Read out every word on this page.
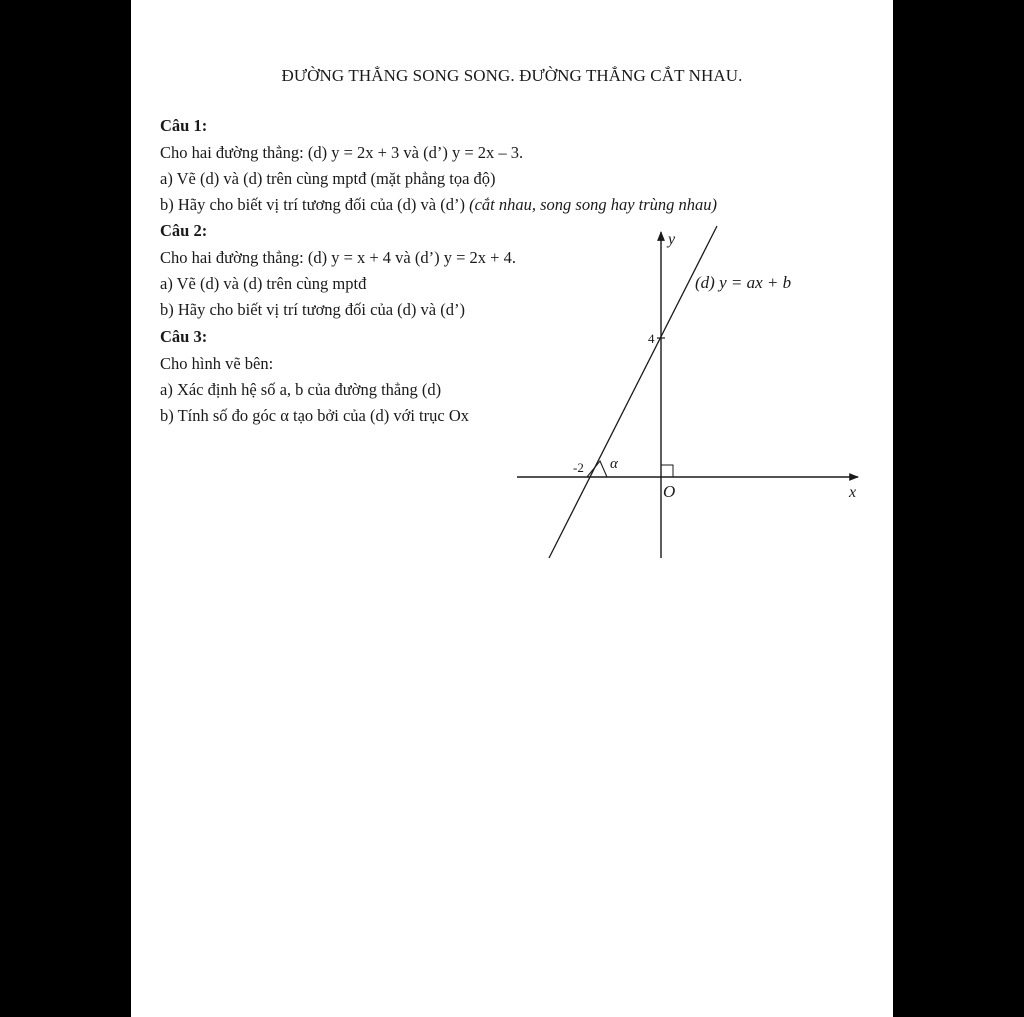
ĐƯỜNG THẲNG SONG SONG. ĐƯỜNG THẲNG CẮT NHAU.
Câu 1:
Cho hai đường thẳng: (d) y = 2x + 3 và (d’) y = 2x – 3.
a) Vẽ (d) và (d) trên cùng mptđ (mặt phẳng tọa độ)
b) Hãy cho biết vị trí tương đối của (d) và (d’) (cắt nhau, song song hay trùng nhau)
Câu 2:
Cho hai đường thẳng: (d) y = x + 4 và (d’) y = 2x + 4.
a) Vẽ (d) và (d) trên cùng mptđ
b) Hãy cho biết vị trí tương đối của (d) và (d’)
Câu 3:
Cho hình vẽ bên:
a) Xác định hệ số a, b của đường thẳng (d)
b) Tính số đo góc α tạo bởi của (d) với trục Ox
y
x
O
4
-2 α
(d) y = ax + b
